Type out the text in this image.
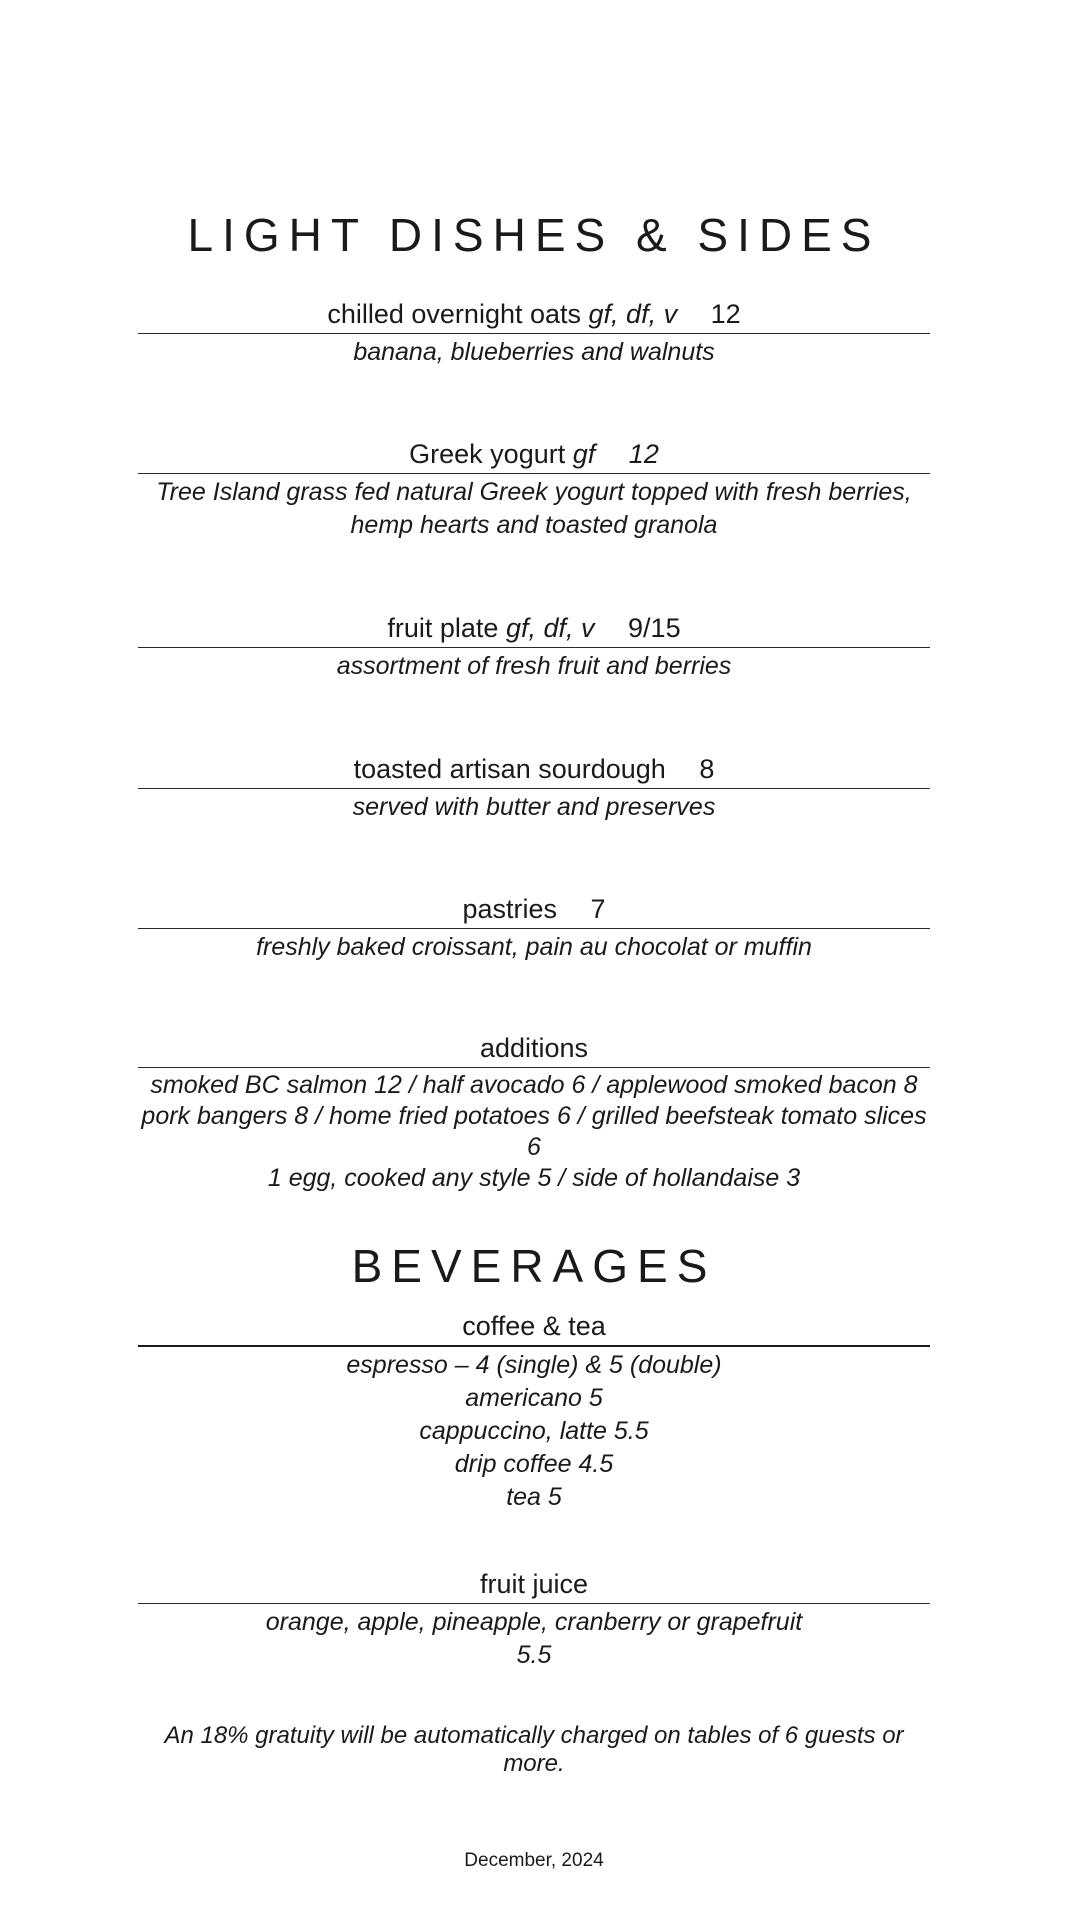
LIGHT DISHES & SIDES
chilled overnight oats gf, df, v 12
banana, blueberries and walnuts
Greek yogurt gf 12
Tree Island grass fed natural Greek yogurt topped with fresh berries,
hemp hearts and toasted granola
fruit plate gf, df, v 9/15
assortment of fresh fruit and berries
toasted artisan sourdough 8
served with butter and preserves
pastries 7
freshly baked croissant, pain au chocolat or muffin
additions
smoked BC salmon 12 / half avocado 6 / applewood smoked bacon 8
pork bangers 8 / home fried potatoes 6 / grilled beefsteak tomato slices 6
1 egg, cooked any style 5 / side of hollandaise 3
BEVERAGES
coffee & tea
espresso – 4 (single) & 5 (double)
americano 5
cappuccino, latte 5.5
drip coffee 4.5
tea 5
fruit juice
orange, apple, pineapple, cranberry or grapefruit
5.5
An 18% gratuity will be automatically charged on tables of 6 guests or more.
December, 2024
